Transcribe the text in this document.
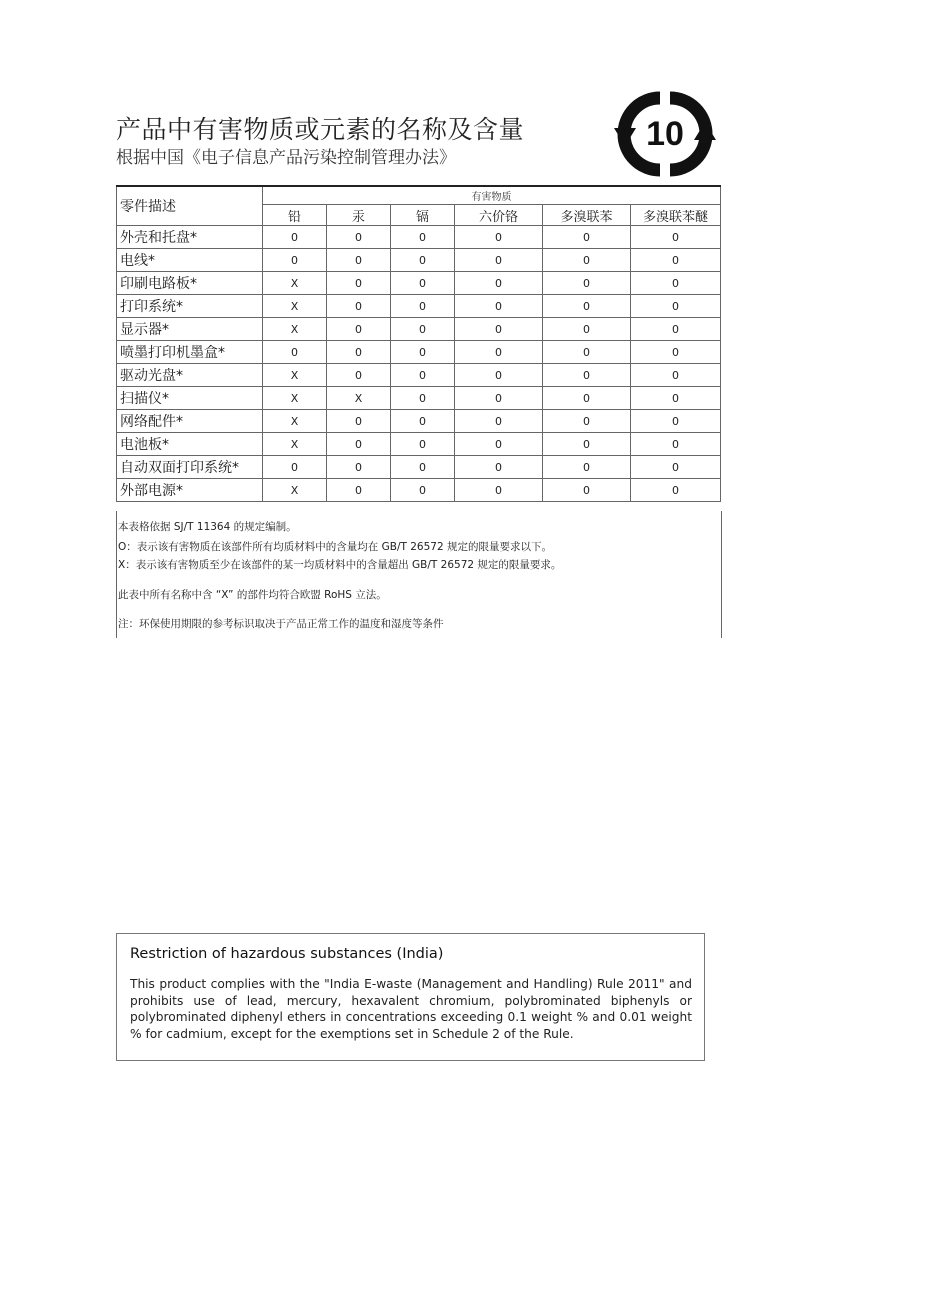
产品中有害物质或元素的名称及含量
根据中国《电子信息产品污染控制管理办法》
10
零件描述	有害物质					
	铅	汞	镉	六价铬	多溴联苯	多溴联苯醚
外壳和托盘*	0	0	0	0	0	0
电线*	0	0	0	0	0	0
印刷电路板*	X	0	0	0	0	0
打印系统*	X	0	0	0	0	0
显示器*	X	0	0	0	0	0
喷墨打印机墨盒*	0	0	0	0	0	0
驱动光盘*	X	0	0	0	0	0
扫描仪*	X	X	0	0	0	0
网络配件*	X	0	0	0	0	0
电池板*	X	0	0	0	0	0
自动双面打印系统*	0	0	0	0	0	0
外部电源*	X	0	0	0	0	0
本表格依据 SJ/T 11364 的规定编制。
O：表示该有害物质在该部件所有均质材料中的含量均在 GB/T 26572 规定的限量要求以下。
X：表示该有害物质至少在该部件的某一均质材料中的含量超出 GB/T 26572 规定的限量要求。
此表中所有名称中含 “X” 的部件均符合欧盟 RoHS 立法。
注：环保使用期限的参考标识取决于产品正常工作的温度和湿度等条件
Restriction of hazardous substances (India)
This product complies with the "India E-waste (Management and Handling) Rule 2011" and prohibits use of lead, mercury, hexavalent chromium, polybrominated biphenyls or polybrominated diphenyl ethers in concentrations exceeding 0.1 weight % and 0.01 weight % for cadmium, except for the exemptions set in Schedule 2 of the Rule.
